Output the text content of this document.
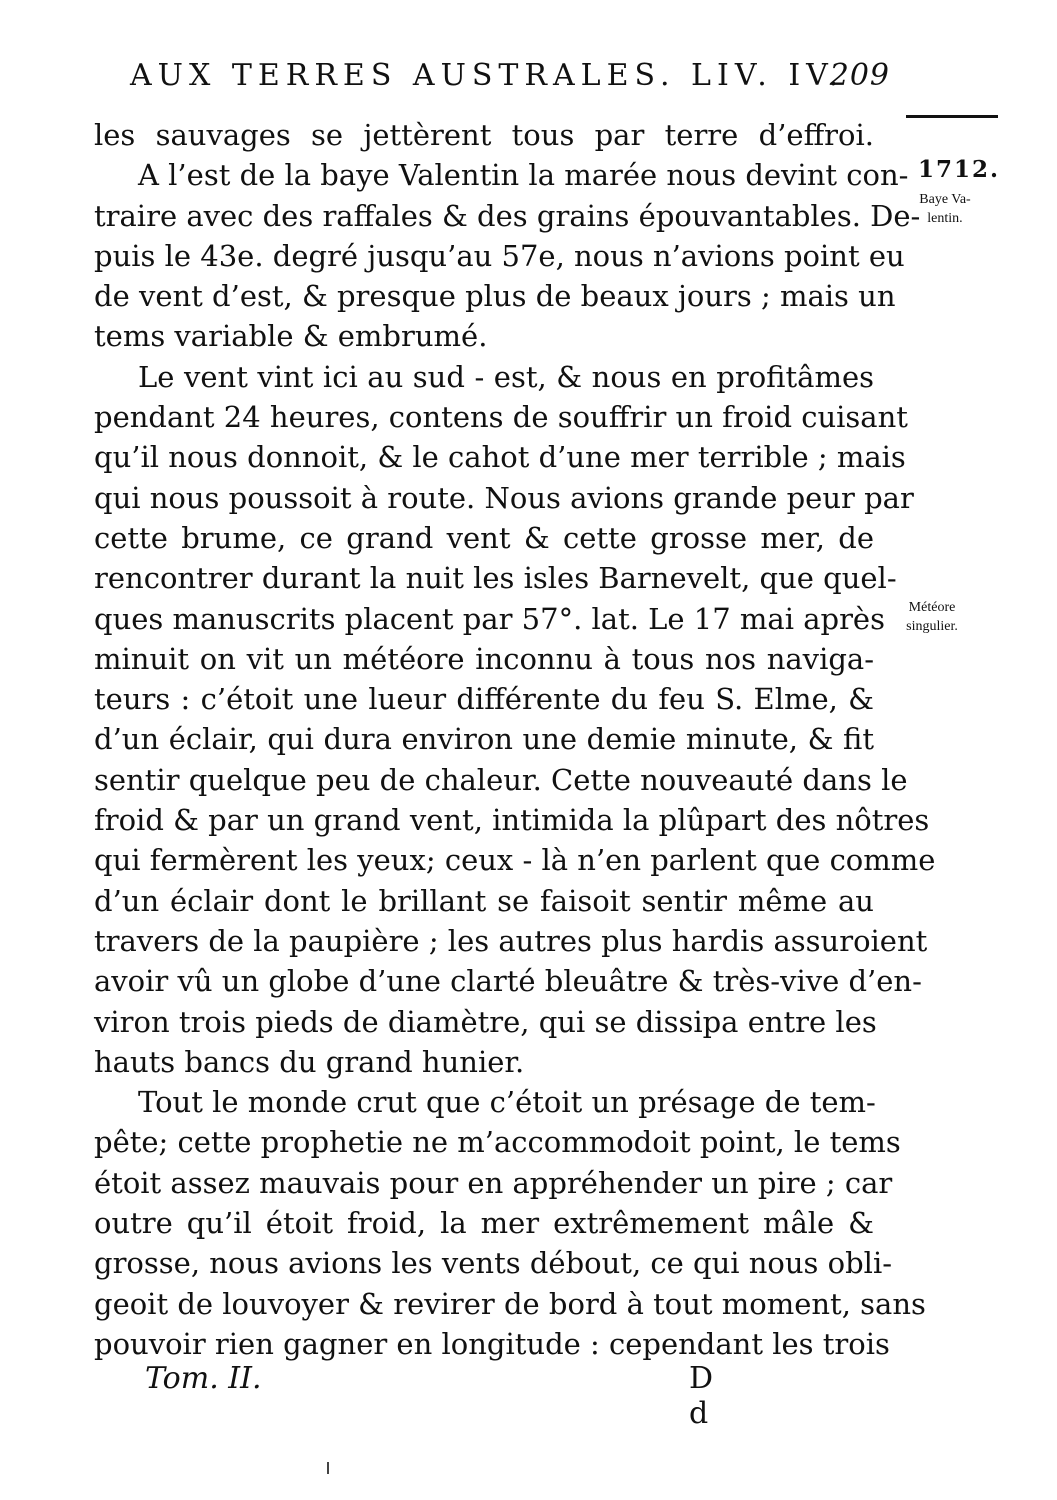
AUX TERRES AUSTRALES. LIV. IV.
209
1712.
Baye Va-
lentin.
Météore
singulier.
les sauvages se jettèrent tous par terre d’effroi.
A l’est de la baye Valentin la marée nous devint con-
traire avec des raffales & des grains épouvantables. De-
puis le 43e. degré jusqu’au 57e, nous n’avions point eu
de vent d’est, & presque plus de beaux jours ; mais un
tems variable & embrumé.
Le vent vint ici au sud - est, & nous en profitâmes
pendant 24 heures, contens de souffrir un froid cuisant
qu’il nous donnoit, & le cahot d’une mer terrible ; mais
qui nous poussoit à route. Nous avions grande peur par
cette brume, ce grand vent & cette grosse mer, de
rencontrer durant la nuit les isles Barnevelt, que quel-
ques manuscrits placent par 57°. lat. Le 17 mai après
minuit on vit un météore inconnu à tous nos naviga-
teurs : c’étoit une lueur différente du feu S. Elme, &
d’un éclair, qui dura environ une demie minute, & fit
sentir quelque peu de chaleur. Cette nouveauté dans le
froid & par un grand vent, intimida la plûpart des nôtres
qui fermèrent les yeux; ceux - là n’en parlent que comme
d’un éclair dont le brillant se faisoit sentir même au
travers de la paupière ; les autres plus hardis assuroient
avoir vû un globe d’une clarté bleuâtre & très-vive d’en-
viron trois pieds de diamètre, qui se dissipa entre les
hauts bancs du grand hunier.
Tout le monde crut que c’étoit un présage de tem-
pête; cette prophetie ne m’accommodoit point, le tems
étoit assez mauvais pour en appréhender un pire ; car
outre qu’il étoit froid, la mer extrêmement mâle &
grosse, nous avions les vents débout, ce qui nous obli-
geoit de louvoyer & revirer de bord à tout moment, sans
pouvoir rien gagner en longitude : cependant les trois
Tom. II.	D d
